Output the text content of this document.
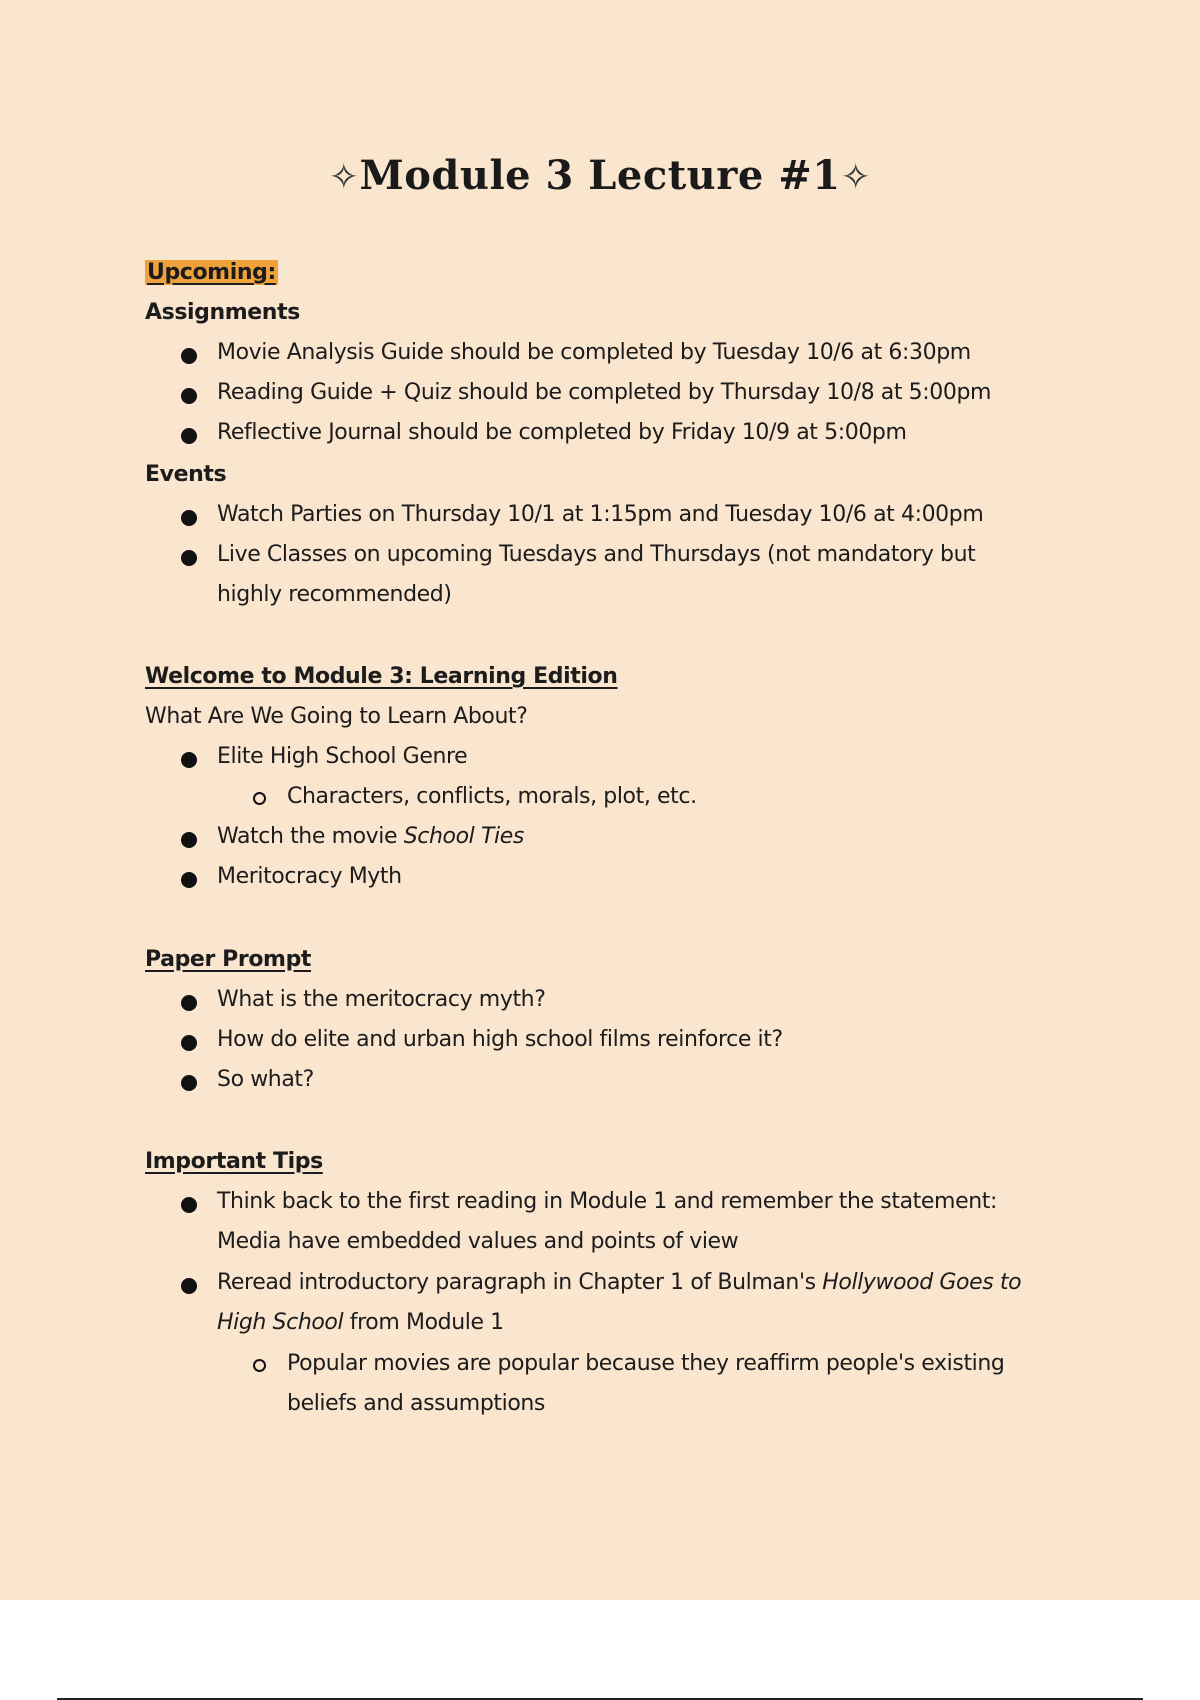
✧Module 3 Lecture #1✧
Upcoming:
Assignments
Movie Analysis Guide should be completed by Tuesday 10/6 at 6:30pm
Reading Guide + Quiz should be completed by Thursday 10/8 at 5:00pm
Reflective Journal should be completed by Friday 10/9 at 5:00pm
Events
Watch Parties on Thursday 10/1 at 1:15pm and Tuesday 10/6 at 4:00pm
Live Classes on upcoming Tuesdays and Thursdays (not mandatory but highly recommended)
Welcome to Module 3: Learning Edition
What Are We Going to Learn About?
Elite High School Genre
Characters, conflicts, morals, plot, etc.
Watch the movie School Ties
Meritocracy Myth
Paper Prompt
What is the meritocracy myth?
How do elite and urban high school films reinforce it?
So what?
Important Tips
Think back to the first reading in Module 1 and remember the statement: Media have embedded values and points of view
Reread introductory paragraph in Chapter 1 of Bulman's Hollywood Goes to High School from Module 1
Popular movies are popular because they reaffirm people's existing beliefs and assumptions
